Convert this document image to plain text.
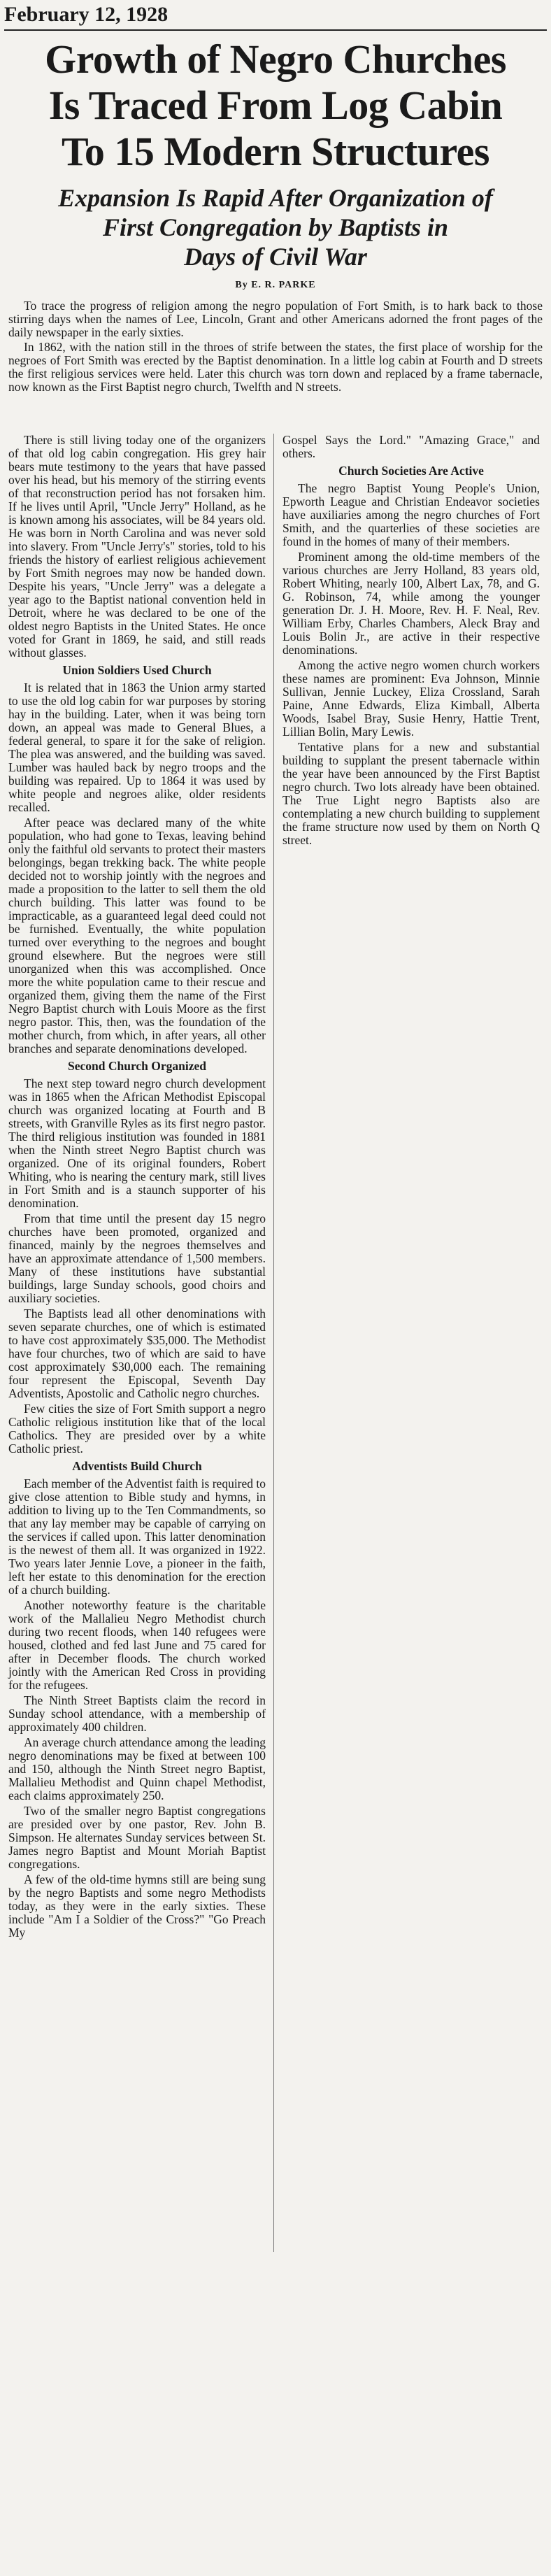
February 12, 1928
Growth of Negro Churches
Is Traced From Log Cabin
To 15 Modern Structures
Expansion Is Rapid After Organization of
First Congregation by Baptists in
Days of Civil War
By E. R. PARKE

To trace the progress of religion among the negro population of Fort Smith, is to hark back to those stirring days when the names of Lee, Lincoln, Grant and other Americans adorned the front pages of the daily newspaper in the early sixties.

In 1862, with the nation still in the throes of strife between the states, the first place of worship for the negroes of Fort Smith was erected by the Baptist denomination. In a little log cabin at Fourth and D streets the first religious services were held. Later this church was torn down and replaced by a frame tabernacle, now known as the First Baptist negro church, Twelfth and N streets.

There is still living today one of the organizers of that old log cabin congregation. His grey hair bears mute testimony to the years that have passed over his head, but his memory of the stirring events of that reconstruction period has not forsaken him. If he lives until April, "Uncle Jerry" Holland, as he is known among his associates, will be 84 years old. He was born in North Carolina and was never sold into slavery. From "Uncle Jerry's" stories, told to his friends the history of earliest religious achievement by Fort Smith negroes may now be handed down. Despite his years, "Uncle Jerry" was a delegate a year ago to the Baptist national convention held in Detroit, where he was declared to be one of the oldest negro Baptists in the United States. He once voted for Grant in 1869, he said, and still reads without glasses.

Union Soldiers Used Church

It is related that in 1863 the Union army started to use the old log cabin for war purposes by storing hay in the building. Later, when it was being torn down, an appeal was made to General Blues, a federal general, to spare it for the sake of religion. The plea was answered, and the building was saved. Lumber was hauled back by negro troops and the building was repaired. Up to 1864 it was used by white people and negroes alike, older residents recalled.

After peace was declared many of the white population, who had gone to Texas, leaving behind only the faithful old servants to protect their masters belongings, began trekking back. The white people decided not to worship jointly with the negroes and made a proposition to the latter to sell them the old church building. This latter was found to be impracticable, as a guaranteed legal deed could not be furnished. Eventually, the white population turned over everything to the negroes and bought ground elsewhere. But the negroes were still unorganized when this was accomplished. Once more the white population came to their rescue and organized them, giving them the name of the First Negro Baptist church with Louis Moore as the first negro pastor. This, then, was the foundation of the mother church, from which, in after years, all other branches and separate denominations developed.

Second Church Organized

The next step toward negro church development was in 1865 when the African Methodist Episcopal church was organized locating at Fourth and B streets, with Granville Ryles as its first negro pastor. The third religious institution was founded in 1881 when the Ninth street Negro Baptist church was organized. One of its original founders, Robert Whiting, who is nearing the century mark, still lives in Fort Smith and is a staunch supporter of his denomination.

From that time until the present day 15 negro churches have been promoted, organized and financed, mainly by the negroes themselves and have an approximate attendance of 1,500 members. Many of these institutions have substantial buildings, large Sunday schools, good choirs and auxiliary societies.

The Baptists lead all other denominations with seven separate churches, one of which is estimated to have cost approximately $35,000. The Methodist have four churches, two of which are said to have cost approximately $30,000 each. The remaining four represent the Episcopal, Seventh Day Adventists, Apostolic and Catholic negro churches.

Few cities the size of Fort Smith support a negro Catholic religious institution like that of the local Catholics. They are presided over by a white Catholic priest.

Adventists Build Church

Each member of the Adventist faith is required to give close attention to Bible study and hymns, in addition to living up to the Ten Commandments, so that any lay member may be capable of carrying on the services if called upon. This latter denomination is the newest of them all. It was organized in 1922. Two years later Jennie Love, a pioneer in the faith, left her estate to this denomination for the erection of a church building.

Another noteworthy feature is the charitable work of the Mallalieu Negro Methodist church during two recent floods, when 140 refugees were housed, clothed and fed last June and 75 cared for after in December floods. The church worked jointly with the American Red Cross in providing for the refugees.

The Ninth Street Baptists claim the record in Sunday school attendance, with a membership of approximately 400 children.

An average church attendance among the leading negro denominations may be fixed at between 100 and 150, although the Ninth Street negro Baptist, Mallalieu Methodist and Quinn chapel Methodist, each claims approximately 250.

Two of the smaller negro Baptist congregations are presided over by one pastor, Rev. John B. Simpson. He alternates Sunday services between St. James negro Baptist and Mount Moriah Baptist congregations.

A few of the old-time hymns still are being sung by the negro Baptists and some negro Methodists today, as they were in the early sixties. These include "Am I a Soldier of the Cross?" "Go Preach My

Gospel Says the Lord." "Amazing Grace," and others.

Church Societies Are Active

The negro Baptist Young People's Union, Epworth League and Christian Endeavor societies have auxiliaries among the negro churches of Fort Smith, and the quarterlies of these societies are found in the homes of many of their members.

Prominent among the old-time members of the various churches are Jerry Holland, 83 years old, Robert Whiting, nearly 100, Albert Lax, 78, and G. G. Robinson, 74, while among the younger generation Dr. J. H. Moore, Rev. H. F. Neal, Rev. William Erby, Charles Chambers, Aleck Bray and Louis Bolin Jr., are active in their respective denominations.

Among the active negro women church workers these names are prominent: Eva Johnson, Minnie Sullivan, Jennie Luckey, Eliza Crossland, Sarah Paine, Anne Edwards, Eliza Kimball, Alberta Woods, Isabel Bray, Susie Henry, Hattie Trent, Lillian Bolin, Mary Lewis.

Tentative plans for a new and substantial building to supplant the present tabernacle within the year have been announced by the First Baptist negro church. Two lots already have been obtained. The True Light negro Baptists also are contemplating a new church building to supplement the frame structure now used by them on North Q street.
